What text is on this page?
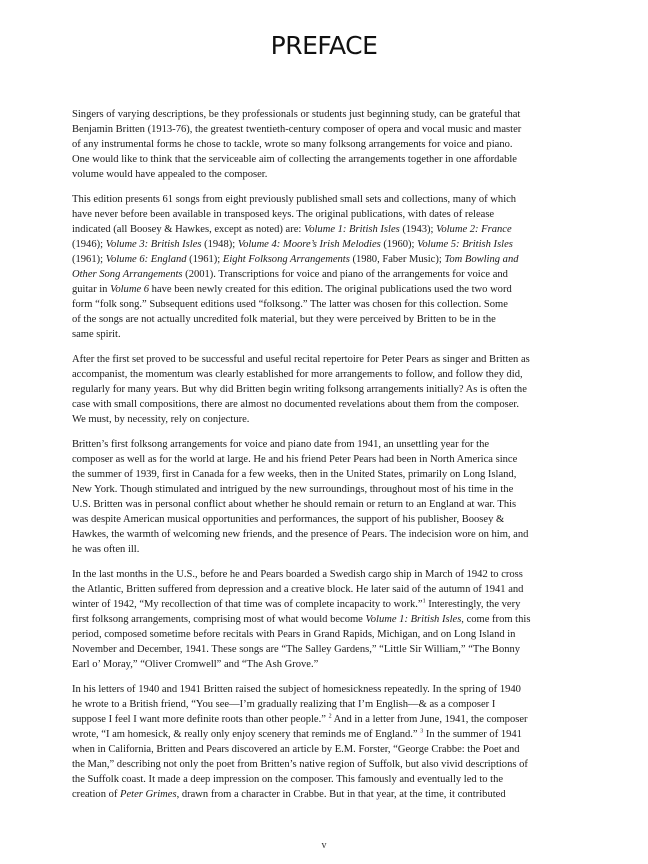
PREFACE

Singers of varying descriptions, be they professionals or students just beginning study, can be grateful that
Benjamin Britten (1913-76), the greatest twentieth-century composer of opera and vocal music and master
of any instrumental forms he chose to tackle, wrote so many folksong arrangements for voice and piano.
One would like to think that the serviceable aim of collecting the arrangements together in one affordable
volume would have appealed to the composer.

This edition presents 61 songs from eight previously published small sets and collections, many of which
have never before been available in transposed keys. The original publications, with dates of release
indicated (all Boosey & Hawkes, except as noted) are: Volume 1: British Isles (1943); Volume 2: France
(1946); Volume 3: British Isles (1948); Volume 4: Moore’s Irish Melodies (1960); Volume 5: British Isles
(1961); Volume 6: England (1961); Eight Folksong Arrangements (1980, Faber Music); Tom Bowling and
Other Song Arrangements (2001). Transcriptions for voice and piano of the arrangements for voice and
guitar in Volume 6 have been newly created for this edition. The original publications used the two word
form “folk song.” Subsequent editions used “folksong.” The latter was chosen for this collection. Some
of the songs are not actually uncredited folk material, but they were perceived by Britten to be in the
same spirit.

After the first set proved to be successful and useful recital repertoire for Peter Pears as singer and Britten as
accompanist, the momentum was clearly established for more arrangements to follow, and follow they did,
regularly for many years. But why did Britten begin writing folksong arrangements initially? As is often the
case with small compositions, there are almost no documented revelations about them from the composer.
We must, by necessity, rely on conjecture.

Britten’s first folksong arrangements for voice and piano date from 1941, an unsettling year for the
composer as well as for the world at large. He and his friend Peter Pears had been in North America since
the summer of 1939, first in Canada for a few weeks, then in the United States, primarily on Long Island,
New York. Though stimulated and intrigued by the new surroundings, throughout most of his time in the
U.S. Britten was in personal conflict about whether he should remain or return to an England at war. This
was despite American musical opportunities and performances, the support of his publisher, Boosey &
Hawkes, the warmth of welcoming new friends, and the presence of Pears. The indecision wore on him, and
he was often ill.

In the last months in the U.S., before he and Pears boarded a Swedish cargo ship in March of 1942 to cross
the Atlantic, Britten suffered from depression and a creative block. He later said of the autumn of 1941 and
winter of 1942, “My recollection of that time was of complete incapacity to work.”$^1$ Interestingly, the very
first folksong arrangements, comprising most of what would become Volume 1: British Isles, come from this
period, composed sometime before recitals with Pears in Grand Rapids, Michigan, and on Long Island in
November and December, 1941. These songs are “The Salley Gardens,” “Little Sir William,” “The Bonny
Earl o’ Moray,” “Oliver Cromwell” and “The Ash Grove.”

In his letters of 1940 and 1941 Britten raised the subject of homesickness repeatedly. In the spring of 1940
he wrote to a British friend, “You see—I’m gradually realizing that I’m English—& as a composer I
suppose I feel I want more definite roots than other people.” $^2$ And in a letter from June, 1941, the composer
wrote, “I am homesick, & really only enjoy scenery that reminds me of England.” $^3$ In the summer of 1941
when in California, Britten and Pears discovered an article by E.M. Forster, “George Crabbe: the Poet and
the Man,” describing not only the poet from Britten’s native region of Suffolk, but also vivid descriptions of
the Suffolk coast. It made a deep impression on the composer. This famously and eventually led to the
creation of Peter Grimes, drawn from a character in Crabbe. But in that year, at the time, it contributed

v
